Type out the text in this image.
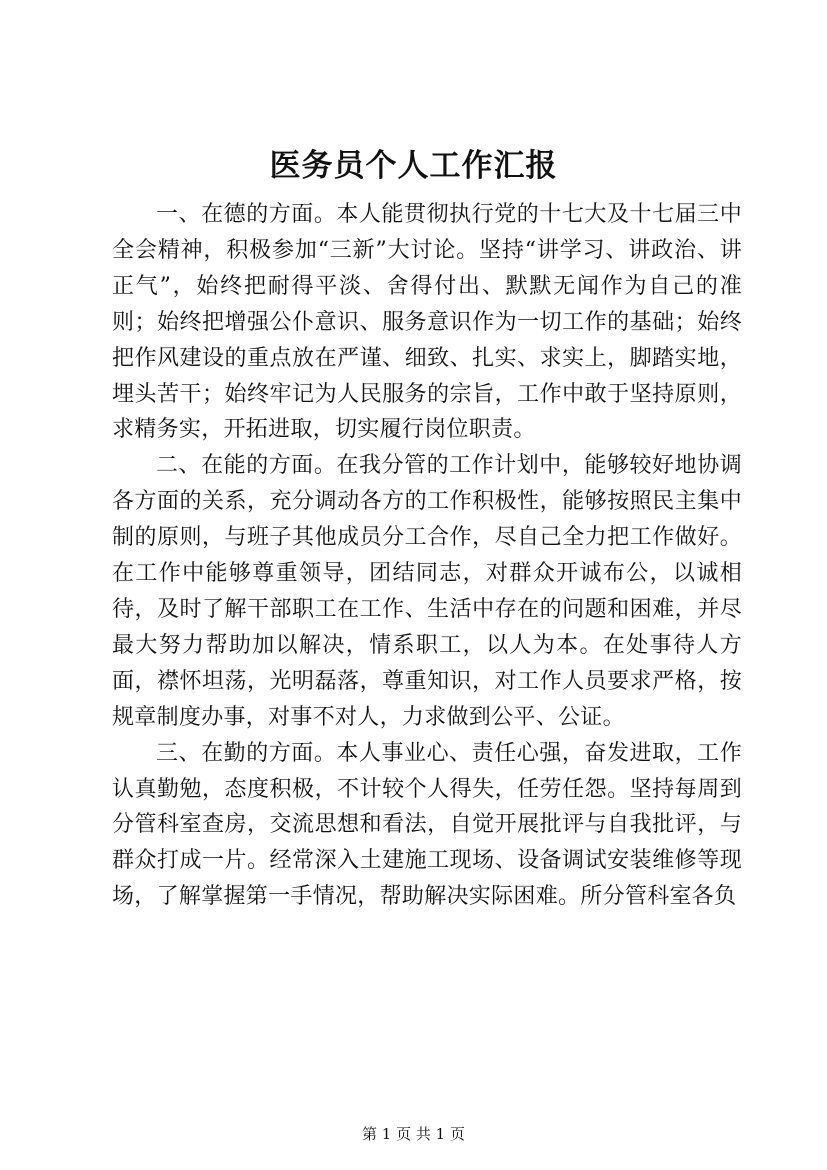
医务员个人工作汇报

一、在德的方面。本人能贯彻执行党的十七大及十七届三中全会精神，积极参加“三新”大讨论。坚持“讲学习、讲政治、讲正气”，始终把耐得平淡、舍得付出、默默无闻作为自己的准则；始终把增强公仆意识、服务意识作为一切工作的基础；始终把作风建设的重点放在严谨、细致、扎实、求实上，脚踏实地，埋头苦干；始终牢记为人民服务的宗旨，工作中敢于坚持原则，求精务实，开拓进取，切实履行岗位职责。

二、在能的方面。在我分管的工作计划中，能够较好地协调各方面的关系，充分调动各方的工作积极性，能够按照民主集中制的原则，与班子其他成员分工合作，尽自己全力把工作做好。在工作中能够尊重领导，团结同志，对群众开诚布公，以诚相待，及时了解干部职工在工作、生活中存在的问题和困难，并尽最大努力帮助加以解决，情系职工，以人为本。在处事待人方面，襟怀坦荡，光明磊落，尊重知识，对工作人员要求严格，按规章制度办事，对事不对人，力求做到公平、公证。

三、在勤的方面。本人事业心、责任心强，奋发进取，工作认真勤勉，态度积极，不计较个人得失，任劳任怨。坚持每周到分管科室查房，交流思想和看法，自觉开展批评与自我批评，与群众打成一片。经常深入土建施工现场、设备调试安装维修等现场，了解掌握第一手情况，帮助解决实际困难。所分管科室各负

第 1 页 共 1 页
